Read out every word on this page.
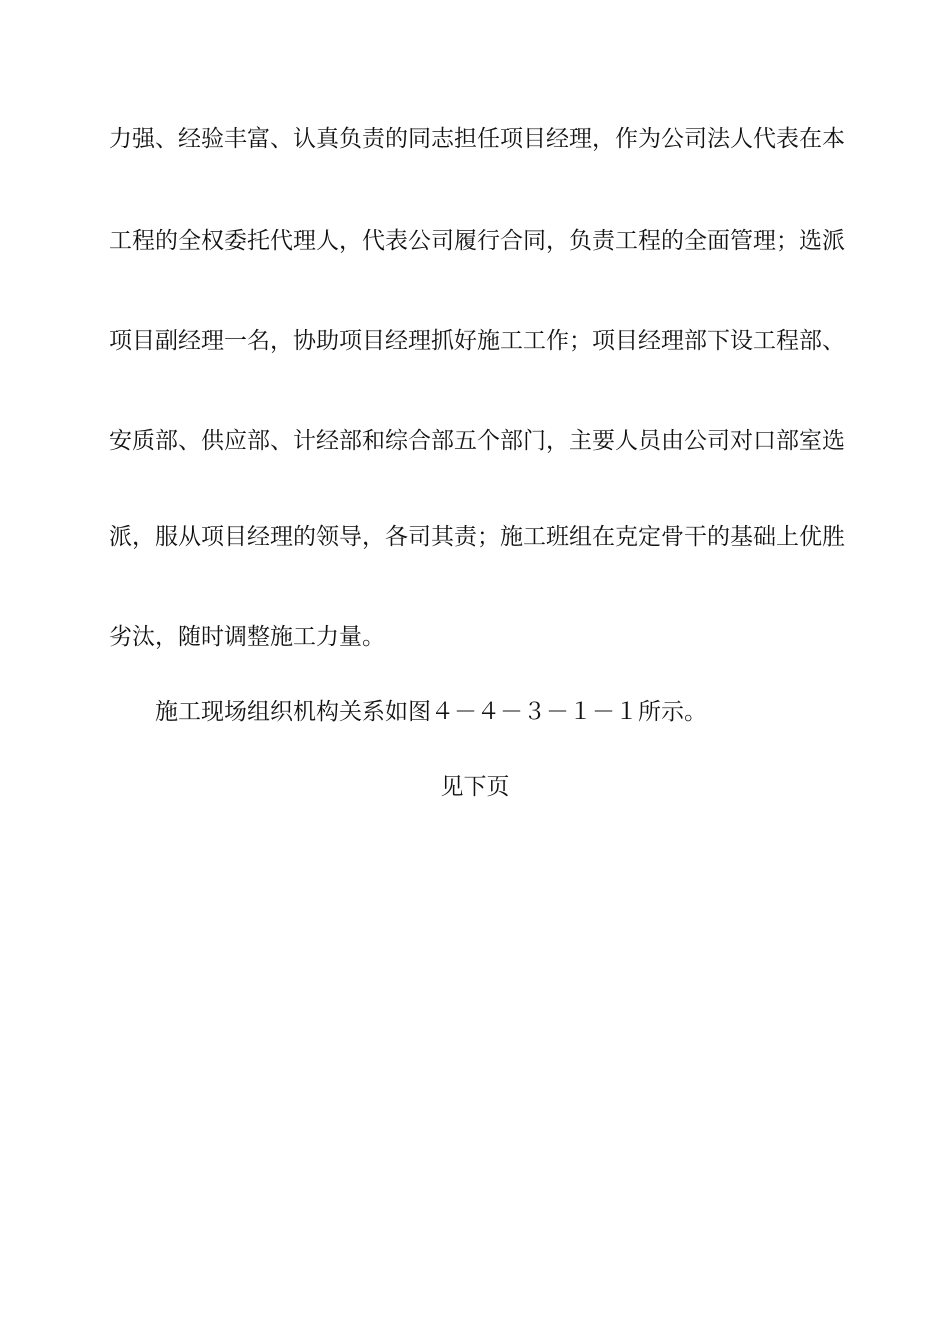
力强、经验丰富、认真负责的同志担任项目经理，作为公司法人代表在本
工程的全权委托代理人，代表公司履行合同，负责工程的全面管理；选派
项目副经理一名，协助项目经理抓好施工工作；项目经理部下设工程部、
安质部、供应部、计经部和综合部五个部门，主要人员由公司对口部室选
派，服从项目经理的领导，各司其责；施工班组在克定骨干的基础上优胜
劣汰，随时调整施工力量。
施工现场组织机构关系如图４－４－３－１－１所示。
见下页
